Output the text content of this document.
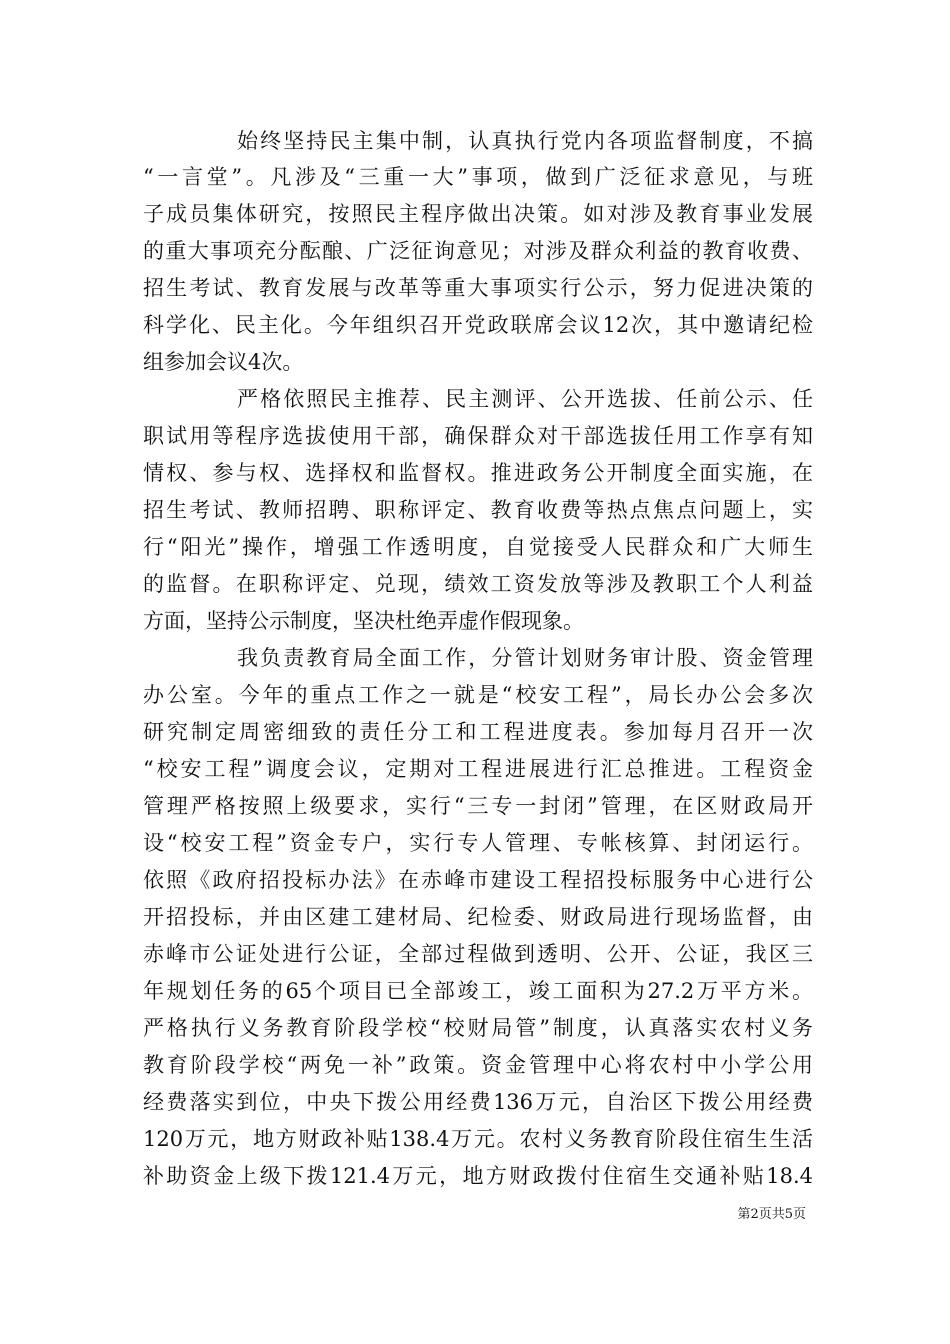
始终坚持民主集中制，认真执行党内各项监督制度，不搞
“一言堂”。凡涉及“三重一大”事项，做到广泛征求意见，与班
子成员集体研究，按照民主程序做出决策。如对涉及教育事业发展
的重大事项充分酝酿、广泛征询意见；对涉及群众利益的教育收费、
招生考试、教育发展与改革等重大事项实行公示，努力促进决策的
科学化、民主化。今年组织召开党政联席会议12次，其中邀请纪检
组参加会议4次。
严格依照民主推荐、民主测评、公开选拔、任前公示、任
职试用等程序选拔使用干部，确保群众对干部选拔任用工作享有知
情权、参与权、选择权和监督权。推进政务公开制度全面实施，在
招生考试、教师招聘、职称评定、教育收费等热点焦点问题上，实
行“阳光”操作，增强工作透明度，自觉接受人民群众和广大师生
的监督。在职称评定、兑现，绩效工资发放等涉及教职工个人利益
方面，坚持公示制度，坚决杜绝弄虚作假现象。
我负责教育局全面工作，分管计划财务审计股、资金管理
办公室。今年的重点工作之一就是“校安工程”，局长办公会多次
研究制定周密细致的责任分工和工程进度表。参加每月召开一次
“校安工程”调度会议，定期对工程进展进行汇总推进。工程资金
管理严格按照上级要求，实行“三专一封闭”管理，在区财政局开
设“校安工程”资金专户，实行专人管理、专帐核算、封闭运行。
依照《政府招投标办法》在赤峰市建设工程招投标服务中心进行公
开招投标，并由区建工建材局、纪检委、财政局进行现场监督，由
赤峰市公证处进行公证，全部过程做到透明、公开、公证，我区三
年规划任务的65个项目已全部竣工，竣工面积为27.2万平方米。
严格执行义务教育阶段学校“校财局管”制度，认真落实农村义务
教育阶段学校“两免一补”政策。资金管理中心将农村中小学公用
经费落实到位，中央下拨公用经费136万元，自治区下拨公用经费
120万元，地方财政补贴138.4万元。农村义务教育阶段住宿生生活
补助资金上级下拨121.4万元，地方财政拨付住宿生交通补贴18.4
第2页共5页
